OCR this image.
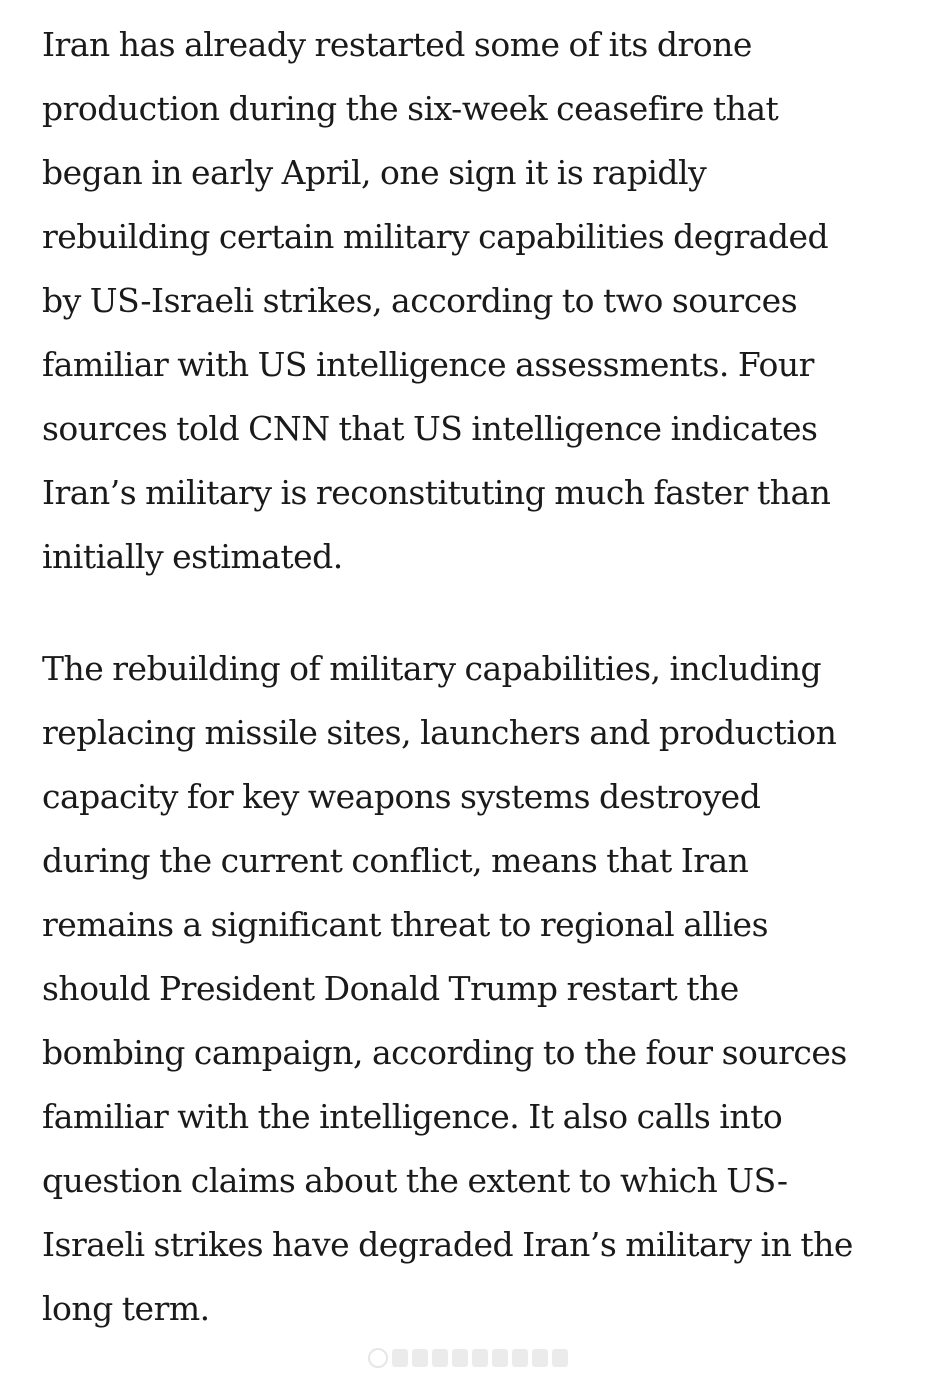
Iran has already restarted some of its drone
production during the six-week ceasefire that
began in early April, one sign it is rapidly
rebuilding certain military capabilities degraded
by US-Israeli strikes, according to two sources
familiar with US intelligence assessments. Four
sources told CNN that US intelligence indicates
Iran’s military is reconstituting much faster than
initially estimated.

The rebuilding of military capabilities, including
replacing missile sites, launchers and production
capacity for key weapons systems destroyed
during the current conflict, means that Iran
remains a significant threat to regional allies
should President Donald Trump restart the
bombing campaign, according to the four sources
familiar with the intelligence. It also calls into
question claims about the extent to which US-
Israeli strikes have degraded Iran’s military in the
long term.
